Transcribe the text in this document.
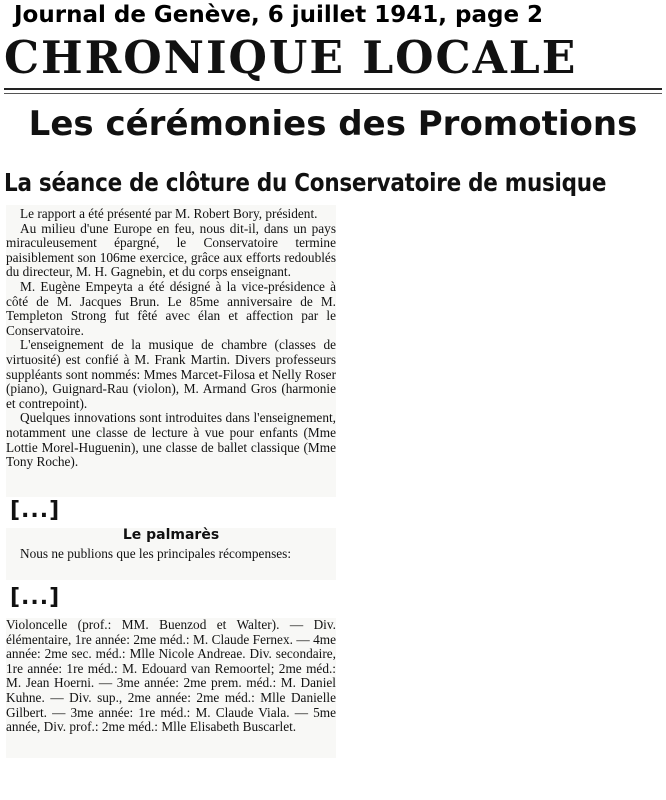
Journal de Genève, 6 juillet 1941, page 2
CHRONIQUE LOCALE
Les cérémonies des Promotions
La séance de clôture du Conservatoire de musique

Le rapport a été présenté par M. Robert Bory, président.

Au milieu d'une Europe en feu, nous dit-il, dans un pays miraculeusement épargné, le Conservatoire termine paisiblement son 106me exercice, grâce aux efforts redoublés du directeur, M. H. Gagnebin, et du corps enseignant.

M. Eugène Empeyta a été désigné à la vice-présidence à côté de M. Jacques Brun. Le 85me anniversaire de M. Templeton Strong fut fêté avec élan et affection par le Conservatoire.

L'enseignement de la musique de chambre (classes de virtuosité) est confié à M. Frank Martin. Divers professeurs suppléants sont nommés: Mmes Marcet-Filosa et Nelly Roser (piano), Guignard-Rau (violon), M. Armand Gros (harmonie et contrepoint).

Quelques innovations sont introduites dans l'enseignement, notamment une classe de lecture à vue pour enfants (Mme Lottie Morel-Huguenin), une classe de ballet classique (Mme Tony Roche).

[...]
Le palmarès

Nous ne publions que les principales récompenses:

[...]

Violoncelle (prof.: MM. Buenzod et Walter). — Div. élémentaire, 1re année: 2me méd.: M. Claude Fernex. — 4me année: 2me sec. méd.: Mlle Nicole Andreae. Div. secondaire, 1re année: 1re méd.: M. Edouard van Remoortel; 2me méd.: M. Jean Hoerni. — 3me année: 2me prem. méd.: M. Daniel Kuhne. — Div. sup., 2me année: 2me méd.: Mlle Danielle Gilbert. — 3me année: 1re méd.: M. Claude Viala. — 5me année, Div. prof.: 2me méd.: Mlle Elisabeth Buscarlet.
